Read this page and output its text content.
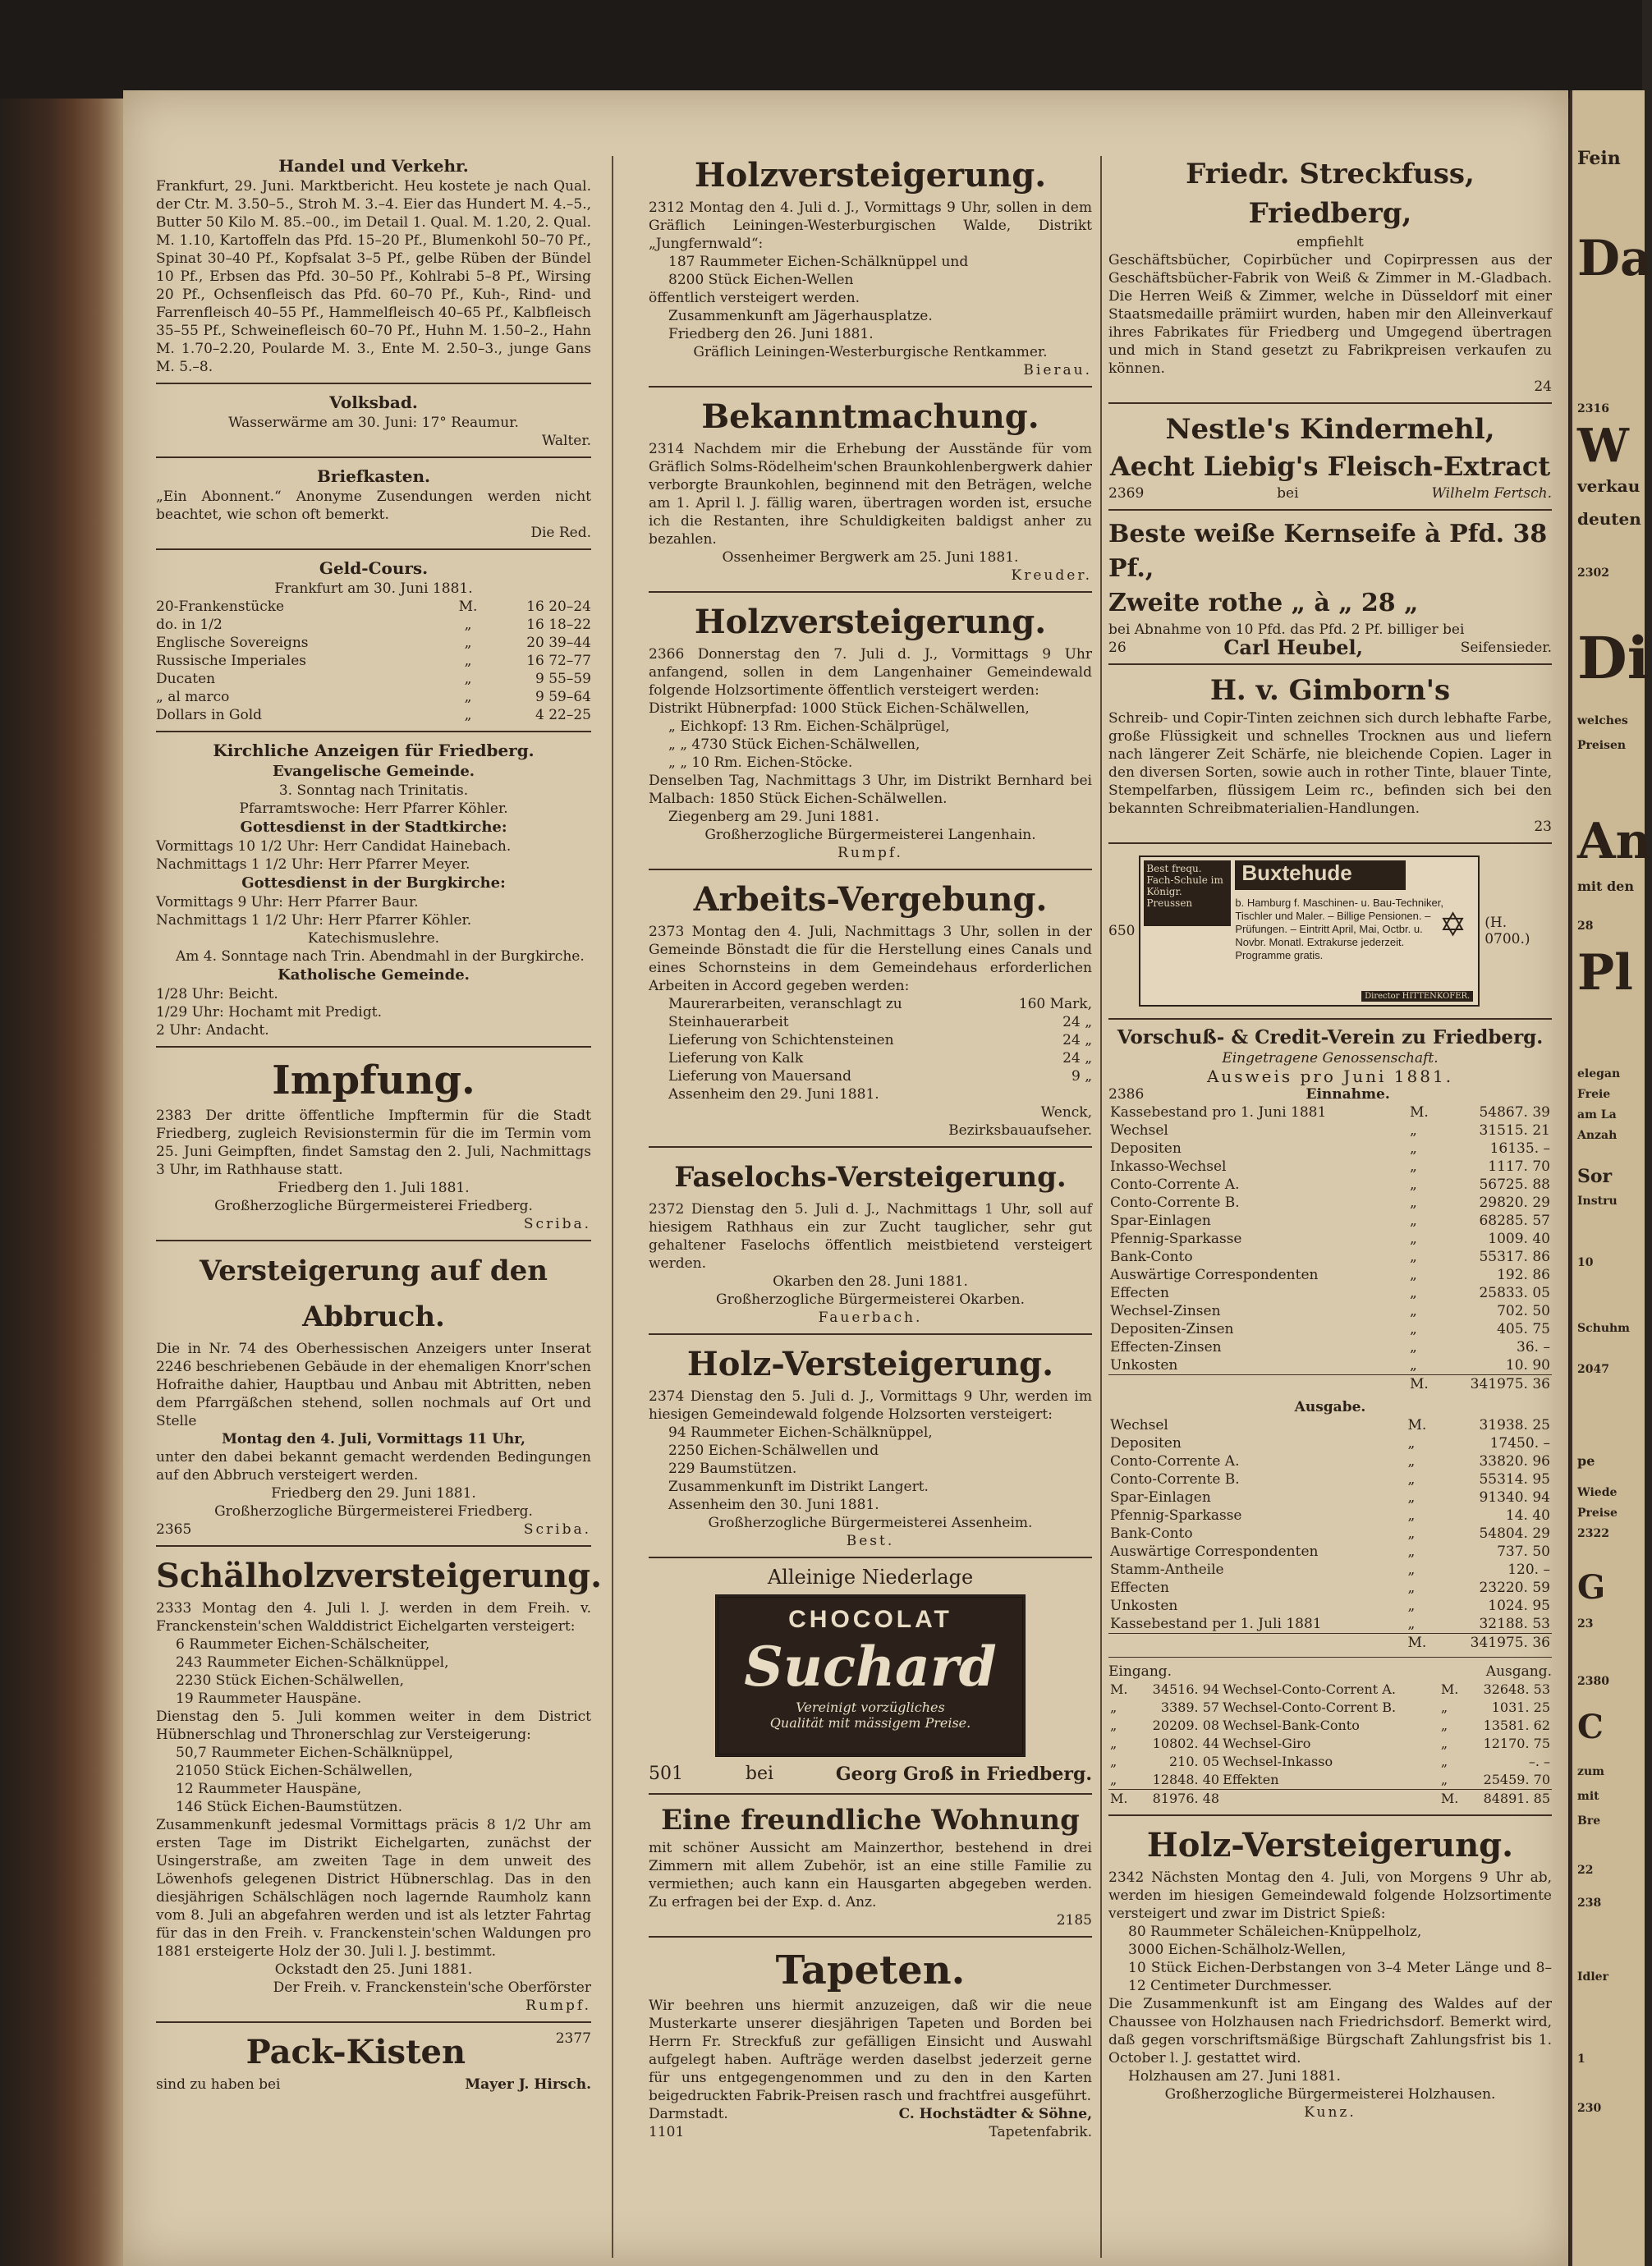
Handel und Verkehr.

Frankfurt, 29. Juni. Marktbericht. Heu kostete je nach Qual. der Ctr. M. 3.50–5., Stroh M. 3.–4. Eier das Hundert M. 4.–5., Butter 50 Kilo M. 85.–00., im Detail 1. Qual. M. 1.20, 2. Qual. M. 1.10, Kartoffeln das Pfd. 15–20 Pf., Blumenkohl 50–70 Pf., Spinat 30–40 Pf., Kopfsalat 3–5 Pf., gelbe Rüben der Bündel 10 Pf., Erbsen das Pfd. 30–50 Pf., Kohlrabi 5–8 Pf., Wirsing 20 Pf., Ochsenfleisch das Pfd. 60–70 Pf., Kuh-, Rind- und Farrenfleisch 40–55 Pf., Hammelfleisch 40–65 Pf., Kalbfleisch 35–55 Pf., Schweinefleisch 60–70 Pf., Huhn M. 1.50–2., Hahn M. 1.70–2.20, Poularde M. 3., Ente M. 2.50–3., junge Gans M. 5.–8.

Volksbad.

Wasserwärme am 30. Juni: 17° Reaumur.

Walter.

Briefkasten.

„Ein Abonnent.“ Anonyme Zusendungen werden nicht beachtet, wie schon oft bemerkt.

Die Red.

Geld-Cours.

Frankfurt am 30. Juni 1881.

20-Frankenstücke	M.	16 20–24
do. in 1/2	„	16 18–22
Englische Sovereigns	„	20 39–44
Russische Imperiales	„	16 72–77
Ducaten	„	9 55–59
„ al marco	„	9 59–64
Dollars in Gold	„	4 22–25
Kirchliche Anzeigen für Friedberg.
Evangelische Gemeinde.

3. Sonntag nach Trinitatis.

Pfarramtswoche: Herr Pfarrer Köhler.

Gottesdienst in der Stadtkirche:

Vormittags 10 1/2 Uhr: Herr Candidat Hainebach.

Nachmittags 1 1/2 Uhr: Herr Pfarrer Meyer.

Gottesdienst in der Burgkirche:

Vormittags 9 Uhr: Herr Pfarrer Baur.

Nachmittags 1 1/2 Uhr: Herr Pfarrer Köhler.

Katechismuslehre.

Am 4. Sonntage nach Trin. Abendmahl in der Burgkirche.

Katholische Gemeinde.

1/28 Uhr: Beicht.

1/29 Uhr: Hochamt mit Predigt.

2 Uhr: Andacht.

Impfung.

2383 Der dritte öffentliche Impftermin für die Stadt Friedberg, zugleich Revisionstermin für die im Termin vom 25. Juni Geimpften, findet Samstag den 2. Juli, Nachmittags 3 Uhr, im Rathhause statt.

Friedberg den 1. Juli 1881.

Großherzogliche Bürgermeisterei Friedberg.

Scriba.

Versteigerung auf den Abbruch.

Die in Nr. 74 des Oberhessischen Anzeigers unter Inserat 2246 beschriebenen Gebäude in der ehemaligen Knorr'schen Hofraithe dahier, Hauptbau und Anbau mit Abtritten, neben dem Pfarrgäßchen stehend, sollen nochmals auf Ort und Stelle

Montag den 4. Juli, Vormittags 11 Uhr,

unter den dabei bekannt gemacht werdenden Bedingungen auf den Abbruch versteigert werden.

Friedberg den 29. Juni 1881.

Großherzogliche Bürgermeisterei Friedberg.

2365	Scriba.
Schälholzversteigerung.

2333 Montag den 4. Juli l. J. werden in dem Freih. v. Franckenstein'schen Walddistrict Eichelgarten versteigert:

6 Raummeter Eichen-Schälscheiter,

243 Raummeter Eichen-Schälknüppel,

2230 Stück Eichen-Schälwellen,

19 Raummeter Hauspäne.

Dienstag den 5. Juli kommen weiter in dem District Hübnerschlag und Thronerschlag zur Versteigerung:

50,7 Raummeter Eichen-Schälknüppel,

21050 Stück Eichen-Schälwellen,

12 Raummeter Hauspäne,

146 Stück Eichen-Baumstützen.

Zusammenkunft jedesmal Vormittags präcis 8 1/2 Uhr am ersten Tage im Distrikt Eichelgarten, zunächst der Usingerstraße, am zweiten Tage in dem unweit des Löwenhofs gelegenen District Hübnerschlag. Das in den diesjährigen Schälschlägen noch lagernde Raumholz kann vom 8. Juli an abgefahren werden und ist als letzter Fahrtag für das in den Freih. v. Franckenstein'schen Waldungen pro 1881 ersteigerte Holz der 30. Juli l. J. bestimmt.

Ockstadt den 25. Juni 1881.

Der Freih. v. Franckenstein'sche Oberförster

Rumpf.

Pack-Kisten	2377
sind zu haben bei	Mayer J. Hirsch.
Holzversteigerung.

2312 Montag den 4. Juli d. J., Vormittags 9 Uhr, sollen in dem Gräflich Leiningen-Westerburgischen Walde, Distrikt „Jungfernwald“:

187 Raummeter Eichen-Schälknüppel und

8200 Stück Eichen-Wellen

öffentlich versteigert werden.

Zusammenkunft am Jägerhausplatze.

Friedberg den 26. Juni 1881.

Gräflich Leiningen-Westerburgische Rentkammer.

Bierau.

Bekanntmachung.

2314 Nachdem mir die Erhebung der Ausstände für vom Gräflich Solms-Rödelheim'schen Braunkohlenbergwerk dahier verborgte Braunkohlen, beginnend mit den Beträgen, welche am 1. April l. J. fällig waren, übertragen worden ist, ersuche ich die Restanten, ihre Schuldigkeiten baldigst anher zu bezahlen.

Ossenheimer Bergwerk am 25. Juni 1881.

Kreuder.

Holzversteigerung.

2366 Donnerstag den 7. Juli d. J., Vormittags 9 Uhr anfangend, sollen in dem Langenhainer Gemeindewald folgende Holzsortimente öffentlich versteigert werden:

Distrikt Hübnerpfad: 1000 Stück Eichen-Schälwellen,

„ Eichkopf: 13 Rm. Eichen-Schälprügel,

„ „ 4730 Stück Eichen-Schälwellen,

„ „ 10 Rm. Eichen-Stöcke.

Denselben Tag, Nachmittags 3 Uhr, im Distrikt Bernhard bei Malbach: 1850 Stück Eichen-Schälwellen.

Ziegenberg am 29. Juni 1881.

Großherzogliche Bürgermeisterei Langenhain.

Rumpf.

Arbeits-Vergebung.

2373 Montag den 4. Juli, Nachmittags 3 Uhr, sollen in der Gemeinde Bönstadt die für die Herstellung eines Canals und eines Schornsteins in dem Gemeindehaus erforderlichen Arbeiten in Accord gegeben werden:

Maurerarbeiten, veranschlagt zu	160 Mark,
Steinhauerarbeit	24 „
Lieferung von Schichtensteinen	24 „
Lieferung von Kalk	24 „
Lieferung von Mauersand	9 „

Assenheim den 29. Juni 1881.

Wenck,

Bezirksbauaufseher.

Faselochs-Versteigerung.

2372 Dienstag den 5. Juli d. J., Nachmittags 1 Uhr, soll auf hiesigem Rathhaus ein zur Zucht tauglicher, sehr gut gehaltener Faselochs öffentlich meistbietend versteigert werden.

Okarben den 28. Juni 1881.

Großherzogliche Bürgermeisterei Okarben.

Fauerbach.

Holz-Versteigerung.

2374 Dienstag den 5. Juli d. J., Vormittags 9 Uhr, werden im hiesigen Gemeindewald folgende Holzsorten versteigert:

94 Raummeter Eichen-Schälknüppel,

2250 Eichen-Schälwellen und

229 Baumstützen.

Zusammenkunft im Distrikt Langert.

Assenheim den 30. Juni 1881.

Großherzogliche Bürgermeisterei Assenheim.

Best.

Alleinige Niederlage

CHOCOLAT
Suchard
Vereinigt vorzügliches
Qualität mit mässigem Preise.
501	bei	Georg Groß in Friedberg.
Eine freundliche Wohnung

mit schöner Aussicht am Mainzerthor, bestehend in drei Zimmern mit allem Zubehör, ist an eine stille Familie zu vermiethen; auch kann ein Hausgarten abgegeben werden. Zu erfragen bei der Exp. d. Anz.

2185

Tapeten.

Wir beehren uns hiermit anzuzeigen, daß wir die neue Musterkarte unserer diesjährigen Tapeten und Borden bei Herrn Fr. Streckfuß zur gefälligen Einsicht und Auswahl aufgelegt haben. Aufträge werden daselbst jederzeit gerne für uns entgegengenommen und zu den in den Karten beigedruckten Fabrik-Preisen rasch und frachtfrei ausgeführt.

Darmstadt.	C. Hochstädter & Söhne,
1101	Tapetenfabrik.
Friedr. Streckfuss, Friedberg,

empfiehlt

Geschäftsbücher, Copirbücher und Copirpressen aus der Geschäftsbücher-Fabrik von Weiß & Zimmer in M.-Gladbach. Die Herren Weiß & Zimmer, welche in Düsseldorf mit einer Staatsmedaille prämiirt wurden, haben mir den Alleinverkauf ihres Fabrikates für Friedberg und Umgegend übertragen und mich in Stand gesetzt zu Fabrikpreisen verkaufen zu können.

24

Nestle's Kindermehl,
Aecht Liebig's Fleisch-Extract
2369	bei	Wilhelm Fertsch.
Beste weiße Kernseife à Pfd. 38 Pf.,
Zweite rothe „ à „ 28 „

bei Abnahme von 10 Pfd. das Pfd. 2 Pf. billiger bei

26	Carl Heubel,	Seifensieder.
H. v. Gimborn's

Schreib- und Copir-Tinten zeichnen sich durch lebhafte Farbe, große Flüssigkeit und schnelles Trocknen aus und liefern nach längerer Zeit Schärfe, nie bleichende Copien. Lager in den diversen Sorten, sowie auch in rother Tinte, blauer Tinte, Stempelfarben, flüssigem Leim rc., befinden sich bei den bekannten Schreibmaterialien-Handlungen.

23

650
Best frequ. Fach-Schule im Königr. Preussen
Buxtehude
b. Hamburg f. Maschinen- u. Bau-Techniker, Tischler und Maler. – Billige Pensionen. – Prüfungen. – Eintritt April, Mai, Octbr. u. Novbr. Monatl. Extrakurse jederzeit. Programme gratis.
✡
Director HITTENKOFER.
(H. 0700.)
Vorschuß- & Credit-Verein zu Friedberg.

Eingetragene Genossenschaft.

Ausweis pro Juni 1881.

2386	Einnahme.
Kassebestand pro 1. Juni 1881	M.	54867. 39
Wechsel	„	31515. 21
Depositen	„	16135. –
Inkasso-Wechsel	„	1117. 70
Conto-Corrente A.	„	56725. 88
Conto-Corrente B.	„	29820. 29
Spar-Einlagen	„	68285. 57
Pfennig-Sparkasse	„	1009. 40
Bank-Conto	„	55317. 86
Auswärtige Correspondenten	„	192. 86
Effecten	„	25833. 05
Wechsel-Zinsen	„	702. 50
Depositen-Zinsen	„	405. 75
Effecten-Zinsen	„	36. –
Unkosten	„	10. 90
	M.	341975. 36

Ausgabe.

Wechsel	M.	31938. 25
Depositen	„	17450. –
Conto-Corrente A.	„	33820. 96
Conto-Corrente B.	„	55314. 95
Spar-Einlagen	„	91340. 94
Pfennig-Sparkasse	„	14. 40
Bank-Conto	„	54804. 29
Auswärtige Correspondenten	„	737. 50
Stamm-Antheile	„	120. –
Effecten	„	23220. 59
Unkosten	„	1024. 95
Kassebestand per 1. Juli 1881	„	32188. 53
	M.	341975. 36
Eingang.	Ausgang.
M.	34516. 94	Wechsel-Conto-Corrent A.	M.	32648. 53
„	3389. 57	Wechsel-Conto-Corrent B.	„	1031. 25
„	20209. 08	Wechsel-Bank-Conto	„	13581. 62
„	10802. 44	Wechsel-Giro	„	12170. 75
„	210. 05	Wechsel-Inkasso	„	–. –
„	12848. 40	Effekten	„	25459. 70
M.	81976. 48		M.	84891. 85
Holz-Versteigerung.

2342 Nächsten Montag den 4. Juli, von Morgens 9 Uhr ab, werden im hiesigen Gemeindewald folgende Holzsortimente versteigert und zwar im District Spieß:

80 Raummeter Schäleichen-Knüppelholz,

3000 Eichen-Schälholz-Wellen,

10 Stück Eichen-Derbstangen von 3–4 Meter Länge und 8–12 Centimeter Durchmesser.

Die Zusammenkunft ist am Eingang des Waldes auf der Chaussee von Holzhausen nach Friedrichsdorf. Bemerkt wird, daß gegen vorschriftsmäßige Bürgschaft Zahlungsfrist bis 1. October l. J. gestattet wird.

Holzhausen am 27. Juni 1881.

Großherzogliche Bürgermeisterei Holzhausen.

Kunz.

Fein
Da
2316
W
verkau
deuten
2302
Di
welches
Preisen
An
mit den
28
Pl
elegan
Freie
am La
Anzah
Sor
Instru
10
Schuhm
2047
pe
Wiede
Preise
2322
G
23
2380
C
zum
mit
Bre
22
238
Idler
1
230
